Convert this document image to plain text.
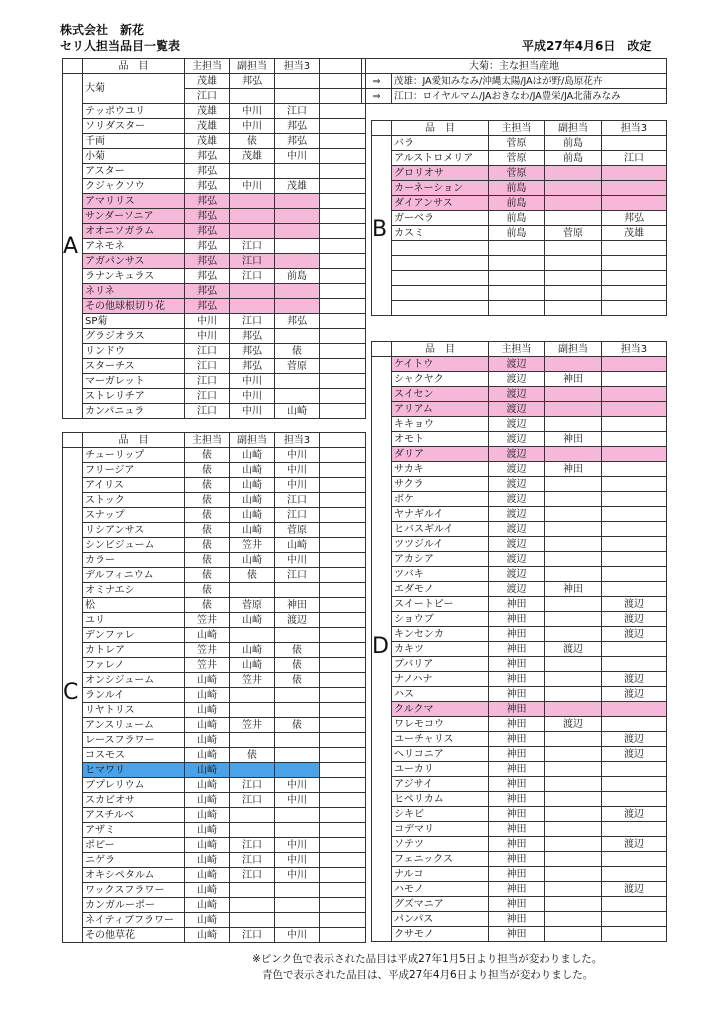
株式会社　新花
セリ人担当品目一覧表	平成27年4月6日　改定
	品　目	主担当	副担当	担当3	
	大菊	茂雄	邦弘		
		江口			
	テッポウユリ	茂雄	中川	江口	
	ソリダスター	茂雄	中川	邦弘	
	千両	茂雄	俵	邦弘	
	小菊	邦弘	茂雄	中川	
	アスター	邦弘			
	クジャクソウ	邦弘	中川	茂雄	
	アマリリス	邦弘			
	サンダーソニア	邦弘			
	オオニソガラム	邦弘			
	アネモネ	邦弘	江口		
	アガパンサス	邦弘	江口		
	ラナンキュラス	邦弘	江口	前島	
	ネリネ	邦弘			
	その他球根切り花	邦弘			
	SP菊	中川	江口	邦弘	
	グラジオラス	中川	邦弘		
	リンドウ	江口	邦弘	俵	
	スターチス	江口	邦弘	菅原	
	マーガレット	江口	中川		
	ストレリチア	江口	中川		
	カンパニュラ	江口	中川	山崎	
A
大菊：主な担当産地	
⇒	茂雄：JA愛知みなみ/沖縄太陽/JAはが野/島原花卉
⇒	江口：ロイヤルマム/JAおきなわ/JA豊栄/JA北蒲みなみ
	品　目	主担当	副担当	担当3
	バラ	菅原	前島	
	アルストロメリア	菅原	前島	江口
	グロリオサ	菅原		
	カーネーション	前島		
	ダイアンサス	前島		
	ガーベラ	前島		邦弘
	カスミ	前島	菅原	茂雄

B
	品　目	主担当	副担当	担当3	
	チューリップ	俵	山崎	中川	
	フリージア	俵	山崎	中川	
	アイリス	俵	山崎	中川	
	ストック	俵	山崎	江口	
	スナップ	俵	山崎	江口	
	リシアンサス	俵	山崎	菅原	
	シンビジューム	俵	笠井	山崎	
	カラー	俵	山崎	中川	
	デルフィニウム	俵	俵	江口	
	オミナエシ	俵			
	松	俵	菅原	神田	
	ユリ	笠井	山崎	渡辺	
	デンファレ	山崎			
	カトレア	笠井	山崎	俵	
	ファレノ	笠井	山崎	俵	
	オンシジューム	山崎	笠井	俵	
	ランルイ	山崎			
	リヤトリス	山崎			
	アンスリューム	山崎	笠井	俵	
	レースフラワー	山崎			
	コスモス	山崎	俵		
	ヒマワリ	山崎			
	ブプレリウム	山崎	江口	中川	
	スカビオサ	山崎	江口	中川	
	アスチルベ	山崎			
	アザミ	山崎			
	ポピー	山崎	江口	中川	
	ニゲラ	山崎	江口	中川	
	オキシペタルム	山崎	江口	中川	
	ワックスフラワー	山崎			
	カンガルーポー	山崎			
	ネイティブフラワー	山崎			
	その他草花	山崎	江口	中川	
C
	品　目	主担当	副担当	担当3
	ケイトウ	渡辺		
	シャクヤク	渡辺	神田	
	スイセン	渡辺		
	アリアム	渡辺		
	キキョウ	渡辺		
	オモト	渡辺	神田	
	ダリア	渡辺		
	サカキ	渡辺	神田	
	サクラ	渡辺		
	ボケ	渡辺		
	ヤナギルイ	渡辺		
	ヒバスギルイ	渡辺		
	ツツジルイ	渡辺		
	アカシア	渡辺		
	ツバキ	渡辺		
	エダモノ	渡辺	神田	
	スイートピー	神田		渡辺
	ショウブ	神田		渡辺
	キンセンカ	神田		渡辺
	カキツ	神田	渡辺	
	ブバリア	神田		
	ナノハナ	神田		渡辺
	ハス	神田		渡辺
	クルクマ	神田		
	ワレモコウ	神田	渡辺	
	ユーチャリス	神田		渡辺
	ヘリコニア	神田		渡辺
	ユーカリ	神田		
	アジサイ	神田		
	ヒペリカム	神田		
	シキビ	神田		渡辺
	コデマリ	神田		
	ソテツ	神田		渡辺
	フェニックス	神田		
	ナルコ	神田		
	ハモノ	神田		渡辺
	グズマニア	神田		
	パンパス	神田		
	クサモノ	神田		
D
※ピンク色で表示された品目は平成27年1月5日より担当が変わりました。
青色で表示された品目は、平成27年4月6日より担当が変わりました。
